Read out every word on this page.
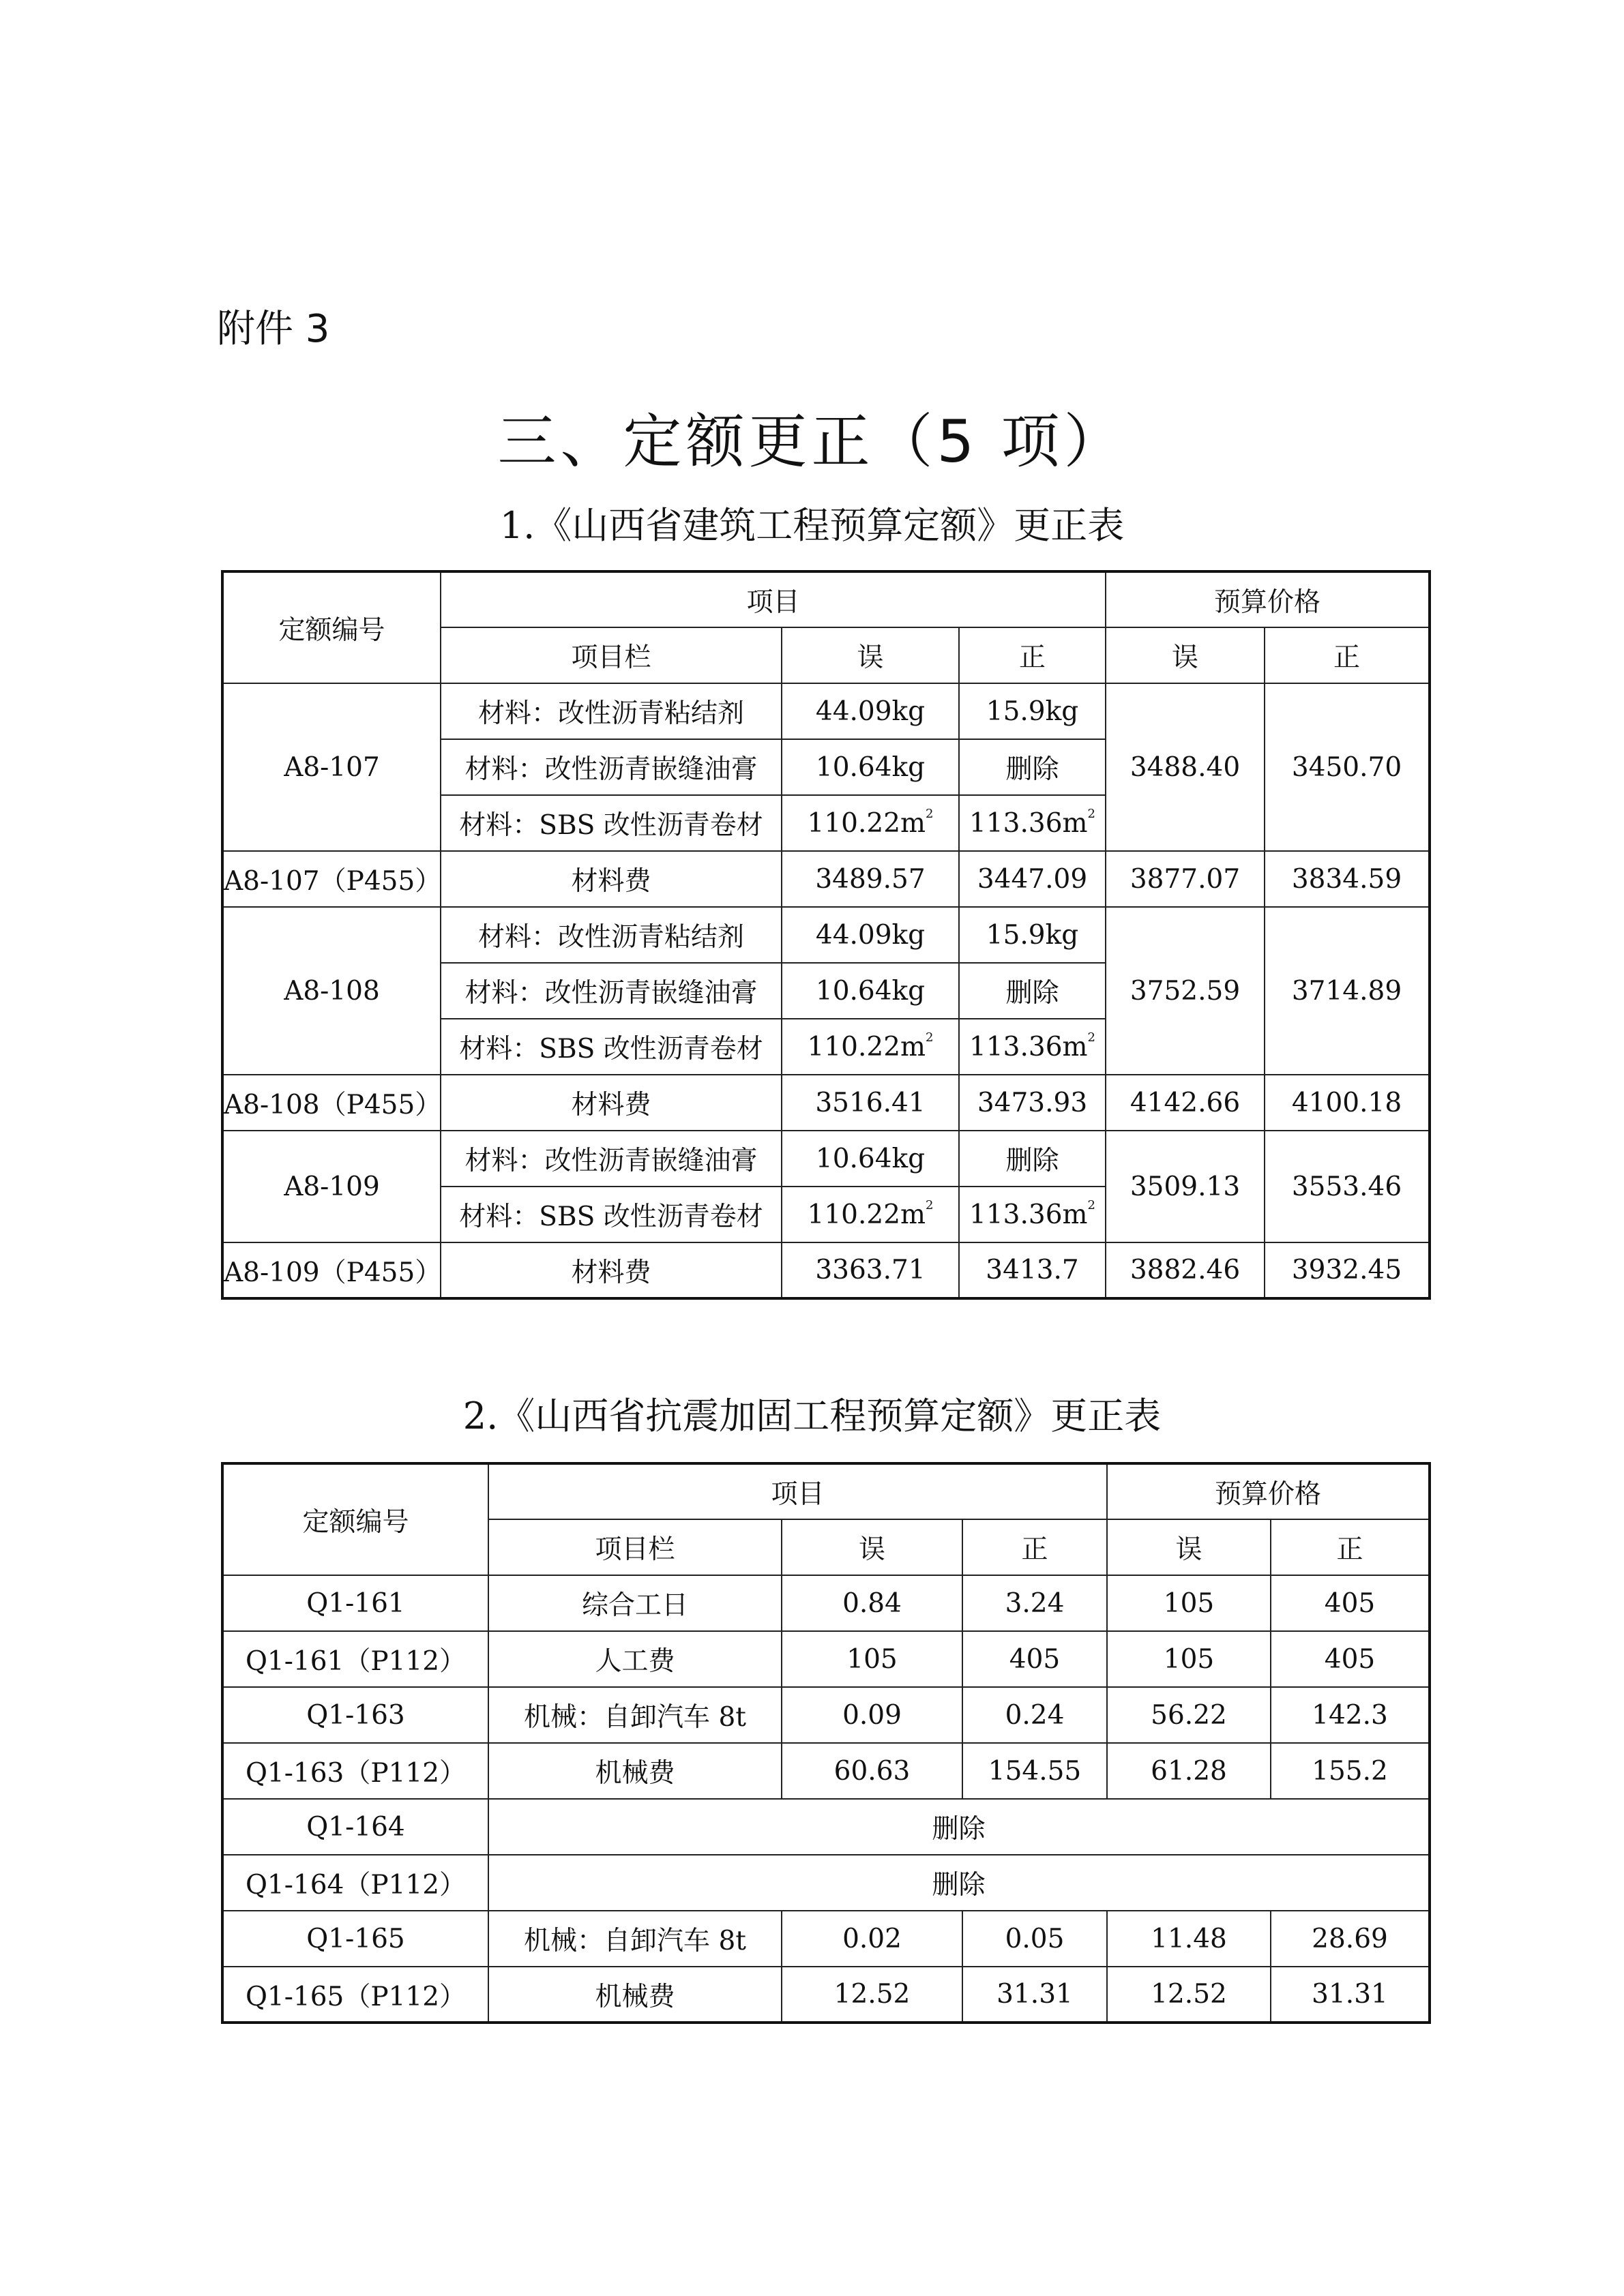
附件 3
三、定额更正（5 项）
1.《山西省建筑工程预算定额》更正表
定额编号	项目			预算价格	
	项目栏	误	正	误	正
A8-107	材料：改性沥青粘结剂	44.09kg	15.9kg	3488.40	3450.70
	材料：改性沥青嵌缝油膏	10.64kg	删除		
	材料：SBS 改性沥青卷材	$110.22m^2$	$113.36m^2$
A8-107（P455）	材料费	3489.57	3447.09	3877.07	3834.59
A8-108	材料：改性沥青粘结剂	44.09kg	15.9kg	3752.59	3714.89
	材料：改性沥青嵌缝油膏	10.64kg	删除		
	材料：SBS 改性沥青卷材	$110.22m^2$	$113.36m^2$
A8-108（P455）	材料费	3516.41	3473.93	4142.66	4100.18
A8-109	材料：改性沥青嵌缝油膏	10.64kg	删除	3509.13	3553.46
	材料：SBS 改性沥青卷材	$110.22m^2$	$113.36m^2$
A8-109（P455）	材料费	3363.71	3413.7	3882.46	3932.45
2.《山西省抗震加固工程预算定额》更正表
定额编号	项目			预算价格	
	项目栏	误	正	误	正
Q1-161	综合工日	0.84	3.24	105	405
Q1-161（P112）	人工费	105	405	105	405
Q1-163	机械：自卸汽车 8t	0.09	0.24	56.22	142.3
Q1-163（P112）	机械费	60.63	154.55	61.28	155.2
Q1-164	删除				
Q1-164（P112）	删除				
Q1-165	机械：自卸汽车 8t	0.02	0.05	11.48	28.69
Q1-165（P112）	机械费	12.52	31.31	12.52	31.31
